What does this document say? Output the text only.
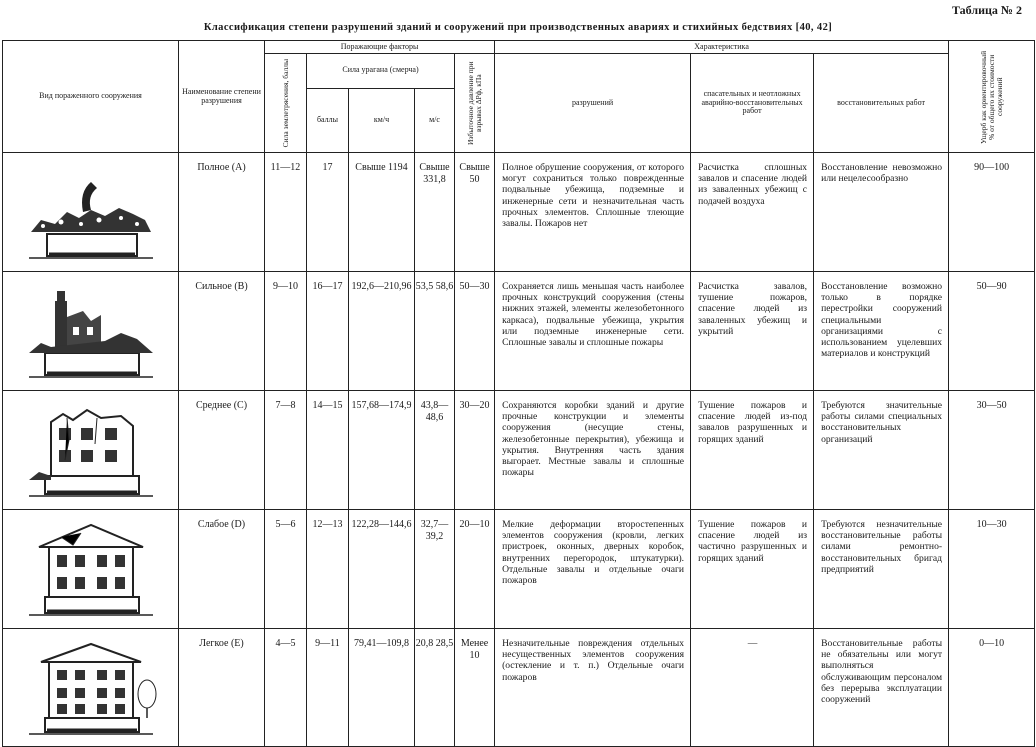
Таблица № 2
Классификация степени разрушений зданий и сооружений при производственных авариях и стихийных бедствиях [40, 42]
Вид пораженного сооружения	Наименование степени разрушения	Поражающие факторы					Характеристика			Ущерб как ориентировочный % от общего их стоимости сооружений

		Сила землетрясения, баллы	Сила урагана (смерча)			Избыточное давление при взрывах ΔPф, кПа	разрушений	спасательных и неотложных аварийно-восстановительных работ	восстановительных работ	
			баллы	км/ч	м/с					

	Полное (A)	11—12	17	Свыше 1194	Свыше 331,8	Свыше 50	Полное обрушение сооружения, от которого могут сохраниться только поврежденные подвальные убежища, подземные и инженерные сети и незначительная часть прочных элементов. Сплошные тлеющие завалы. Пожаров нет	Расчистка сплошных завалов и спасение людей из заваленных убежищ с подачей воздуха	Восстановление невозможно или нецелесообразно	90—100

	Сильное (B)	9—10	16—17	192,6—210,96	53,5 58,6	50—30	Сохраняется лишь меньшая часть наиболее прочных конструкций сооружения (стены нижних этажей, элементы железобетонного каркаса), подвальные убежища, укрытия или подземные инженерные сети. Сплошные завалы и сплошные пожары	Расчистка завалов, тушение пожаров, спасение людей из заваленных убежищ и укрытий	Восстановление возможно только в порядке перестройки сооружений специальными организациями с использованием уцелевших материалов и конструкций	50—90

	Среднее (C)	7—8	14—15	157,68—174,9	43,8—48,6	30—20	Сохраняются коробки зданий и другие прочные конструкции и элементы сооружения (несущие стены, железобетонные перекрытия), убежища и укрытия. Внутренняя часть здания выгорает. Местные завалы и сплошные пожары	Тушение пожаров и спасение людей из-под завалов разрушенных и горящих зданий	Требуются значительные работы силами специальных восстановительных организаций	30—50

	Слабое (D)	5—6	12—13	122,28—144,6	32,7—39,2	20—10	Мелкие деформации второстепенных элементов сооружения (кровли, легких пристроек, оконных, дверных коробок, внутренних перегородок, штукатурки). Отдельные завалы и отдельные очаги пожаров	Тушение пожаров и спасение людей из частично разрушенных и горящих зданий	Требуются незначительные восстановительные работы силами ремонтно-восстановительных бригад предприятий	10—30

	Легкое (E)	4—5	9—11	79,41—109,8	20,8 28,5	Менее 10	Незначительные повреждения отдельных несущественных элементов сооружения (остекление и т. п.) Отдельные очаги пожаров	—	Восстановительные работы не обязательны или могут выполняться обслуживающим персоналом без перерыва эксплуатации сооружений	0—10
